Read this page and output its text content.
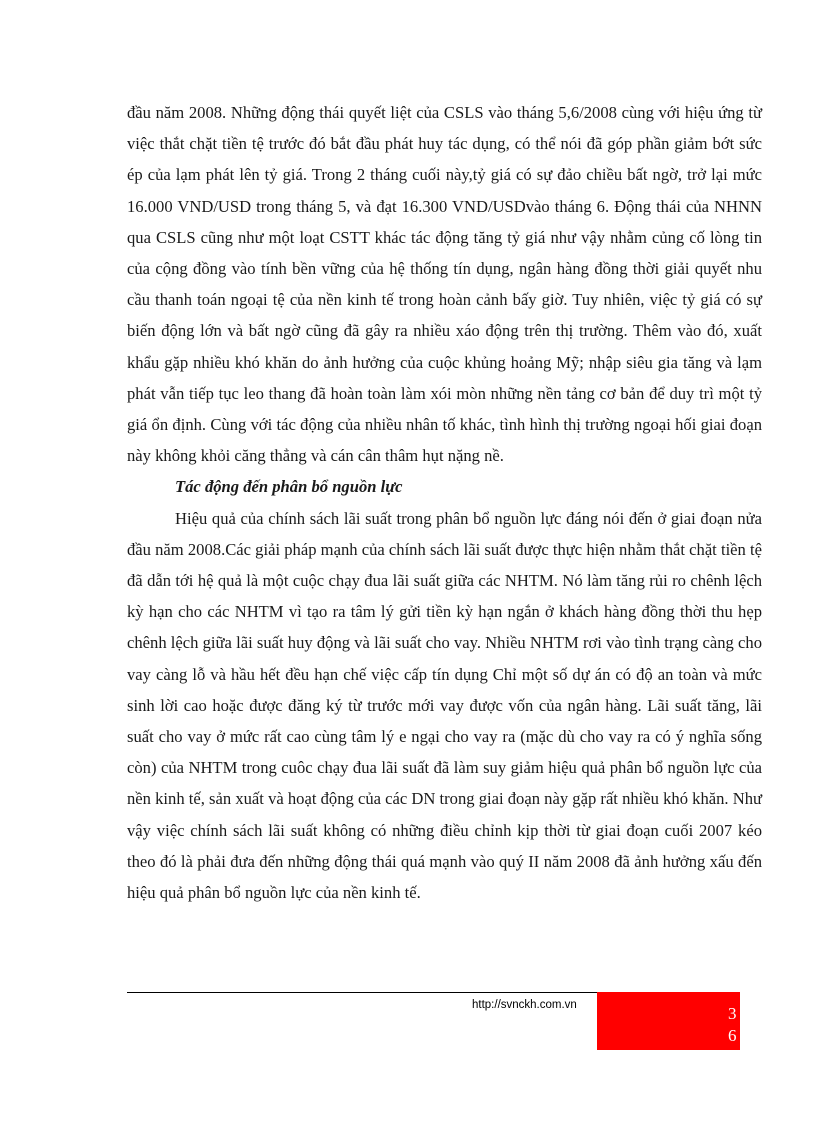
đầu năm 2008. Những động thái quyết liệt của CSLS vào tháng 5,6/2008 cùng với hiệu ứng từ việc thắt chặt tiền tệ trước đó bắt đầu phát huy tác dụng, có thể nói đã góp phần giảm bớt sức ép của lạm phát lên tỷ giá. Trong 2 tháng cuối này,tỷ giá có sự đảo chiều bất ngờ, trở lại mức 16.000 VND/USD trong tháng 5, và đạt 16.300 VND/USDvào tháng 6. Động thái của NHNN qua CSLS cũng như một loạt CSTT khác tác động tăng tỷ giá như vậy nhằm củng cố lòng tin của cộng đồng vào tính bền vững của hệ thống tín dụng, ngân hàng đồng thời giải quyết nhu cầu thanh toán ngoại tệ của nền kinh tế trong hoàn cảnh bấy giờ. Tuy nhiên, việc tỷ giá có sự biến động lớn và bất ngờ cũng đã gây ra nhiều xáo động trên thị trường. Thêm vào đó, xuất khẩu gặp nhiều khó khăn do ảnh hưởng của cuộc khủng hoảng Mỹ; nhập siêu gia tăng và lạm phát vẫn tiếp tục leo thang đã hoàn toàn làm xói mòn những nền tảng cơ bản để duy trì một tỷ giá ổn định. Cùng với tác động của nhiều nhân tố khác, tình hình thị trường ngoại hối giai đoạn này không khỏi căng thẳng và cán cân thâm hụt nặng nề.

Tác động đến phân bổ nguồn lực

Hiệu quả của chính sách lãi suất trong phân bổ nguồn lực đáng nói đến ở giai đoạn nửa đầu năm 2008.Các giải pháp mạnh của chính sách lãi suất được thực hiện nhằm thắt chặt tiền tệ đã dẫn tới hệ quả là một cuộc chạy đua lãi suất giữa các NHTM. Nó làm tăng rủi ro chênh lệch kỳ hạn cho các NHTM vì tạo ra tâm lý gửi tiền kỳ hạn ngắn ở khách hàng đồng thời thu hẹp chênh lệch giữa lãi suất huy động và lãi suất cho vay. Nhiều NHTM rơi vào tình trạng càng cho vay càng lỗ và hầu hết đều hạn chế việc cấp tín dụng Chỉ một số dự án có độ an toàn và mức sinh lời cao hoặc được đăng ký từ trước mới vay được vốn của ngân hàng. Lãi suất tăng, lãi suất cho vay ở mức rất cao cùng tâm lý e ngại cho vay ra (mặc dù cho vay ra có ý nghĩa sống còn) của NHTM trong cuôc chạy đua lãi suất đã làm suy giảm hiệu quả phân bổ nguồn lực của nền kinh tế, sản xuất và hoạt động của các DN trong giai đoạn này gặp rất nhiều khó khăn. Như vậy việc chính sách lãi suất không có những điều chỉnh kịp thời từ giai đoạn cuối 2007 kéo theo đó là phải đưa đến những động thái quá mạnh vào quý II năm 2008 đã ảnh hưởng xấu đến hiệu quả phân bổ nguồn lực của nền kinh tế.

http://svnckh.com.vn	3
6
